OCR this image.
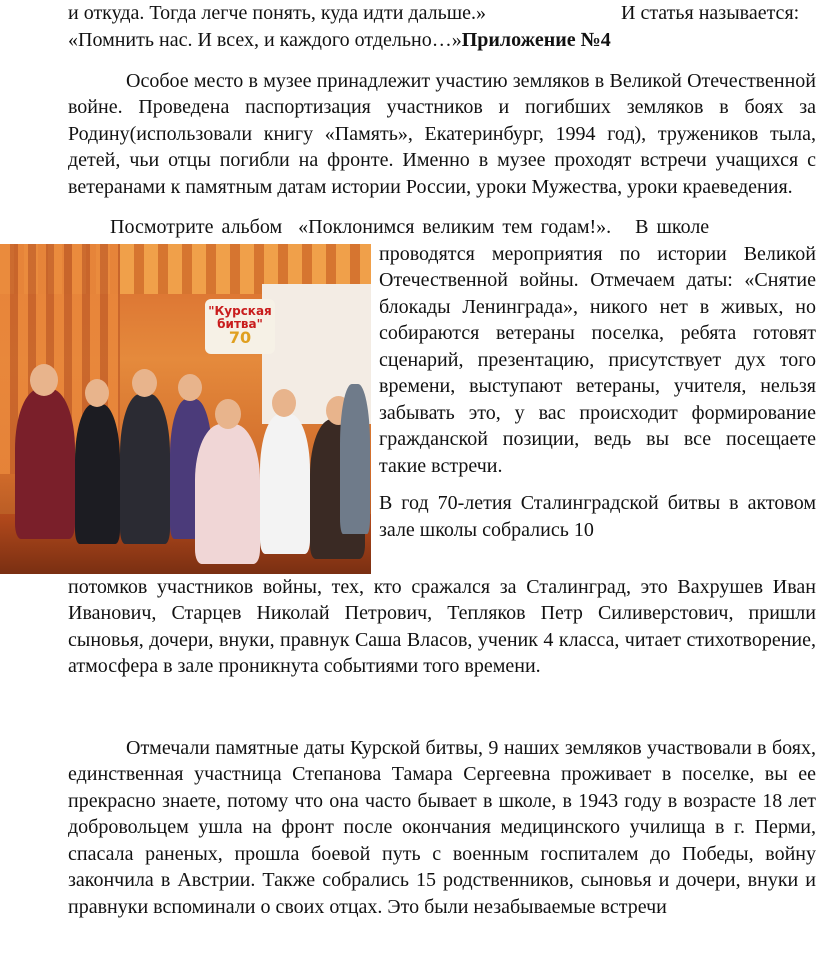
и откуда. Тогда легче понять, куда идти дальше.»	И статья называется:

«Помнить нас. И всех, и каждого отдельно…»Приложение №4

Особое место в музее принадлежит участию земляков в Великой Отечественной войне. Проведена паспортизация участников и погибших земляков в боях за Родину(использовали книгу «Память», Екатеринбург, 1994 год), тружеников тыла, детей, чьи отцы погибли на фронте. Именно в музее проходят встречи учащихся с ветеранами к памятным датам истории России, уроки Мужества, уроки краеведения.

Посмотрите альбом  «Поклонимся великим тем годам!».   В школе

"Курская
битва"
70

проводятся мероприятия по истории Великой Отечественной войны. Отмечаем даты: «Снятие блокады Ленинграда», никого нет в живых, но собираются ветераны поселка, ребята готовят сценарий, презентацию, присутствует дух того времени, выступают ветераны, учителя, нельзя забывать это, у вас происходит формирование гражданской позиции, ведь вы все посещаете такие встречи.

В год 70-летия Сталинградской битвы в актовом зале школы собрались 10

потомков участников войны, тех, кто сражался за Сталинград, это Вахрушев Иван Иванович, Старцев Николай Петрович, Тепляков Петр Силиверстович, пришли сыновья, дочери, внуки, правнук Саша Власов, ученик 4 класса, читает стихотворение, атмосфера в зале проникнута событиями того времени.

Отмечали памятные даты Курской битвы, 9 наших земляков участвовали в боях, единственная участница Степанова Тамара Сергеевна проживает в поселке, вы ее прекрасно знаете, потому что она часто бывает в школе, в 1943 году в возрасте 18 лет добровольцем ушла на фронт после окончания медицинского училища в г. Перми, спасала раненых, прошла боевой путь с военным госпиталем до Победы, войну закончила в Австрии. Также собрались 15 родственников, сыновья и дочери, внуки и правнуки вспоминали о своих отцах. Это были незабываемые встречи
